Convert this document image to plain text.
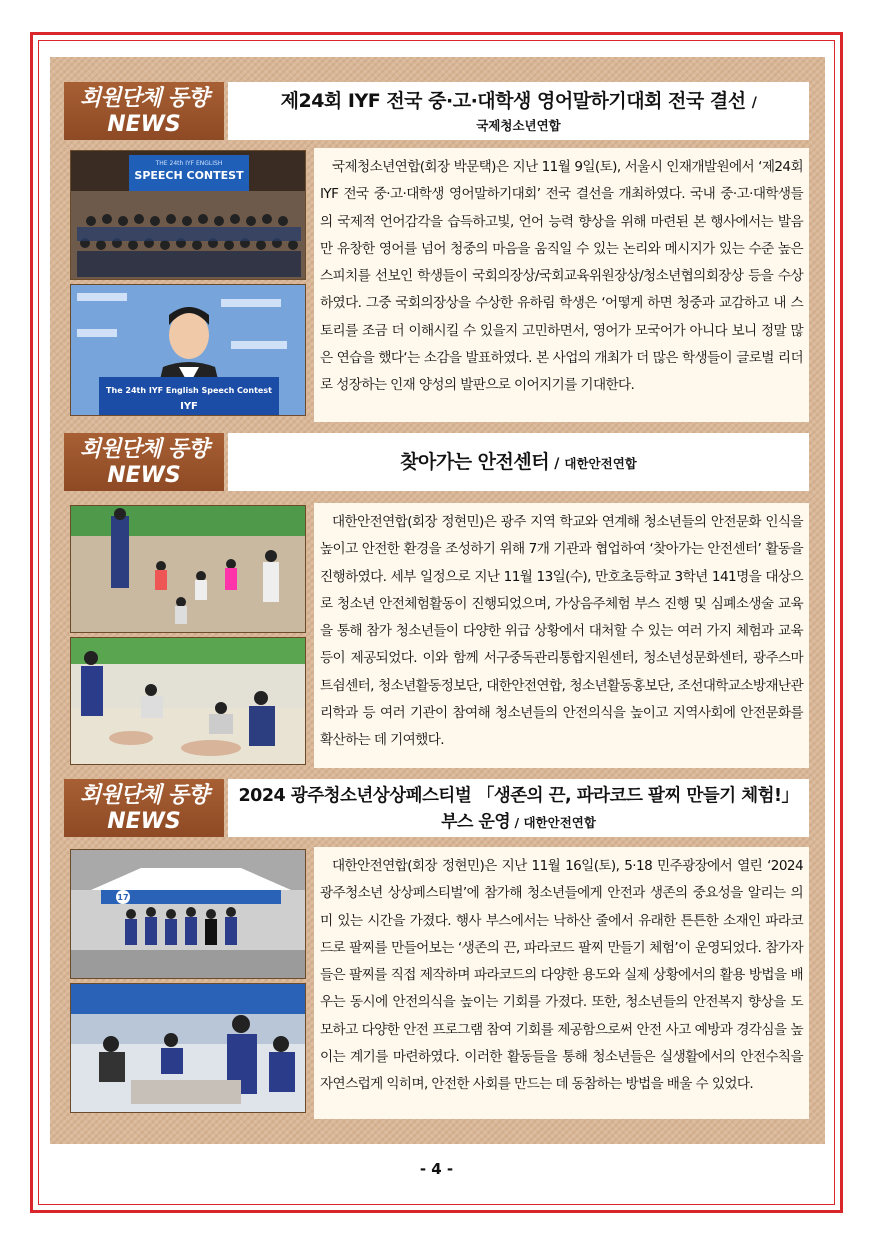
회원단체 동향
NEWS
제24회 IYF 전국 중·고·대학생 영어말하기대회 전국 결선 /
국제청소년연합
THE 24th IYF ENGLISH
SPEECH CONTEST
The 24th IYF English Speech Contest
IYF
국제청소년연합(회장 박문택)은 지난 11월 9일(토), 서울시 인재개발원에서 ‘제24회 IYF 전국 중·고·대학생 영어말하기대회’ 전국 결선을 개최하였다. 국내 중·고·대학생들의 국제적 언어감각을 습득하고빛, 언어 능력 향상을 위해 마련된 본 행사에서는 발음만 유창한 영어를 넘어 청중의 마음을 움직일 수 있는 논리와 메시지가 있는 수준 높은 스피치를 선보인 학생들이 국회의장상/국회교육위원장상/청소년협의회장상 등을 수상하였다. 그중 국회의장상을 수상한 유하림 학생은 ‘어떻게 하면 청중과 교감하고 내 스토리를 조금 더 이해시킬 수 있을지 고민하면서, 영어가 모국어가 아니다 보니 정말 많은 연습을 했다‘는 소감을 발표하였다. 본 사업의 개최가 더 많은 학생들이 글로벌 리더로 성장하는 인재 양성의 발판으로 이어지기를 기대한다.
회원단체 동향
NEWS
찾아가는 안전센터 / 대한안전연합
대한안전연합(회장 정현민)은 광주 지역 학교와 연계해 청소년들의 안전문화 인식을 높이고 안전한 환경을 조성하기 위해 7개 기관과 협업하여 ‘찾아가는 안전센터’ 활동을 진행하였다. 세부 일정으로 지난 11월 13일(수), 만호초등학교 3학년 141명을 대상으로 청소년 안전체험활동이 진행되었으며, 가상음주체험 부스 진행 및 심폐소생술 교육을 통해 참가 청소년들이 다양한 위급 상황에서 대처할 수 있는 여러 가지 체험과 교육 등이 제공되었다. 이와 함께 서구중독관리통합지원센터, 청소년성문화센터, 광주스마트쉼센터, 청소년활동정보단, 대한안전연합, 청소년활동홍보단, 조선대학교소방재난관리학과 등 여러 기관이 참여해 청소년들의 안전의식을 높이고 지역사회에 안전문화를 확산하는 데 기여했다.
회원단체 동향
NEWS
2024 광주청소년상상페스티벌 「생존의 끈, 파라코드 팔찌 만들기 체험!」
부스 운영 / 대한안전연합
17
대한안전연합(회장 정현민)은 지난 11월 16일(토), 5·18 민주광장에서 열린 ‘2024 광주청소년 상상페스티벌’에 참가해 청소년들에게 안전과 생존의 중요성을 알리는 의미 있는 시간을 가졌다. 행사 부스에서는 낙하산 줄에서 유래한 튼튼한 소재인 파라코드로 팔찌를 만들어보는 ‘생존의 끈, 파라코드 팔찌 만들기 체험’이 운영되었다. 참가자들은 팔찌를 직접 제작하며 파라코드의 다양한 용도와 실제 상황에서의 활용 방법을 배우는 동시에 안전의식을 높이는 기회를 가졌다. 또한, 청소년들의 안전복지 향상을 도모하고 다양한 안전 프로그램 참여 기회를 제공함으로써 안전 사고 예방과 경각심을 높이는 계기를 마련하였다. 이러한 활동들을 통해 청소년들은 실생활에서의 안전수칙을 자연스럽게 익히며, 안전한 사회를 만드는 데 동참하는 방법을 배울 수 있었다.
- 4 -
